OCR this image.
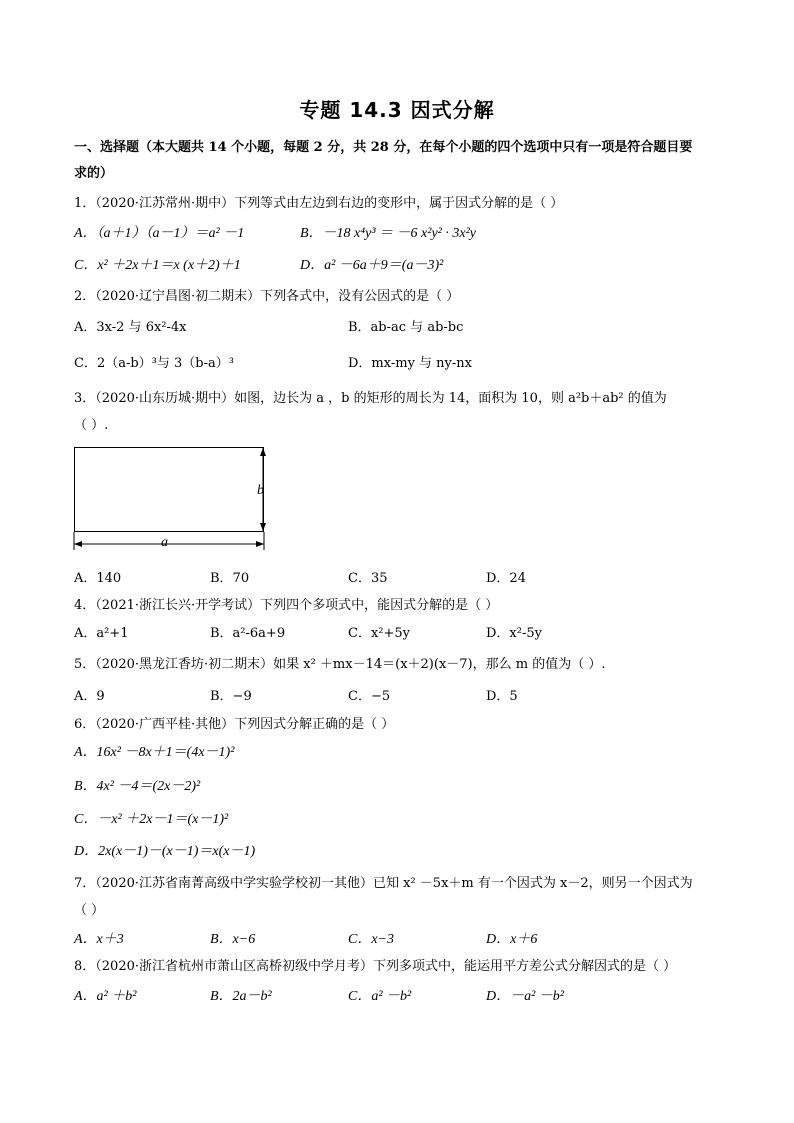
专题 14.3 因式分解
一、选择题（本大题共 14 个小题，每题 2 分，共 28 分，在每个小题的四个选项中只有一项是符合题目要
求的）
1．（2020·江苏常州·期中）下列等式由左边到右边的变形中，属于因式分解的是（ ）
A．（a＋1）（a－1）＝a² －1	B．－18 x⁴y³ ＝ －6 x²y² · 3x²y
C．x² ＋2x＋1＝x (x＋2)＋1	D．a² －6a＋9＝(a－3)²
2．（2020·辽宁昌图·初二期末）下列各式中，没有公因式的是（ ）
A．3x-2 与 6x²-4x	B．ab-ac 与 ab-bc
C．2（a-b）³与 3（b-a）³	D．mx-my 与 ny-nx
3．（2020·山东历城·期中）如图，边长为 a ，b 的矩形的周长为 14，面积为 10，则 a²b＋ab² 的值为
（ ）.
b
a
A．140	B．70	C．35	D．24
4．（2021·浙江长兴·开学考试）下列四个多项式中，能因式分解的是（ ）
A．a²+1	B．a²-6a+9	C．x²+5y	D．x²-5y
5．（2020·黑龙江香坊·初二期末）如果 x² ＋mx－14＝(x＋2)(x－7)，那么 m 的值为（ ）.
A．9	B．−9	C．−5	D．5
6．（2020·广西平桂·其他）下列因式分解正确的是（ ）
A．16x² －8x＋1＝(4x－1)²
B．4x² －4＝(2x－2)²
C．－x² ＋2x－1＝(x－1)²
D．2x(x－1)－(x－1)＝x(x－1)
7．（2020·江苏省南菁高级中学实验学校初一其他）已知 x² －5x＋m 有一个因式为 x－2，则另一个因式为
（ ）
A．x＋3	B．x−6	C．x−3	D．x＋6
8．（2020·浙江省杭州市萧山区高桥初级中学月考）下列多项式中，能运用平方差公式分解因式的是（ ）
A．a² ＋b²	B．2a－b²	C．a² －b²	D．－a² －b²
